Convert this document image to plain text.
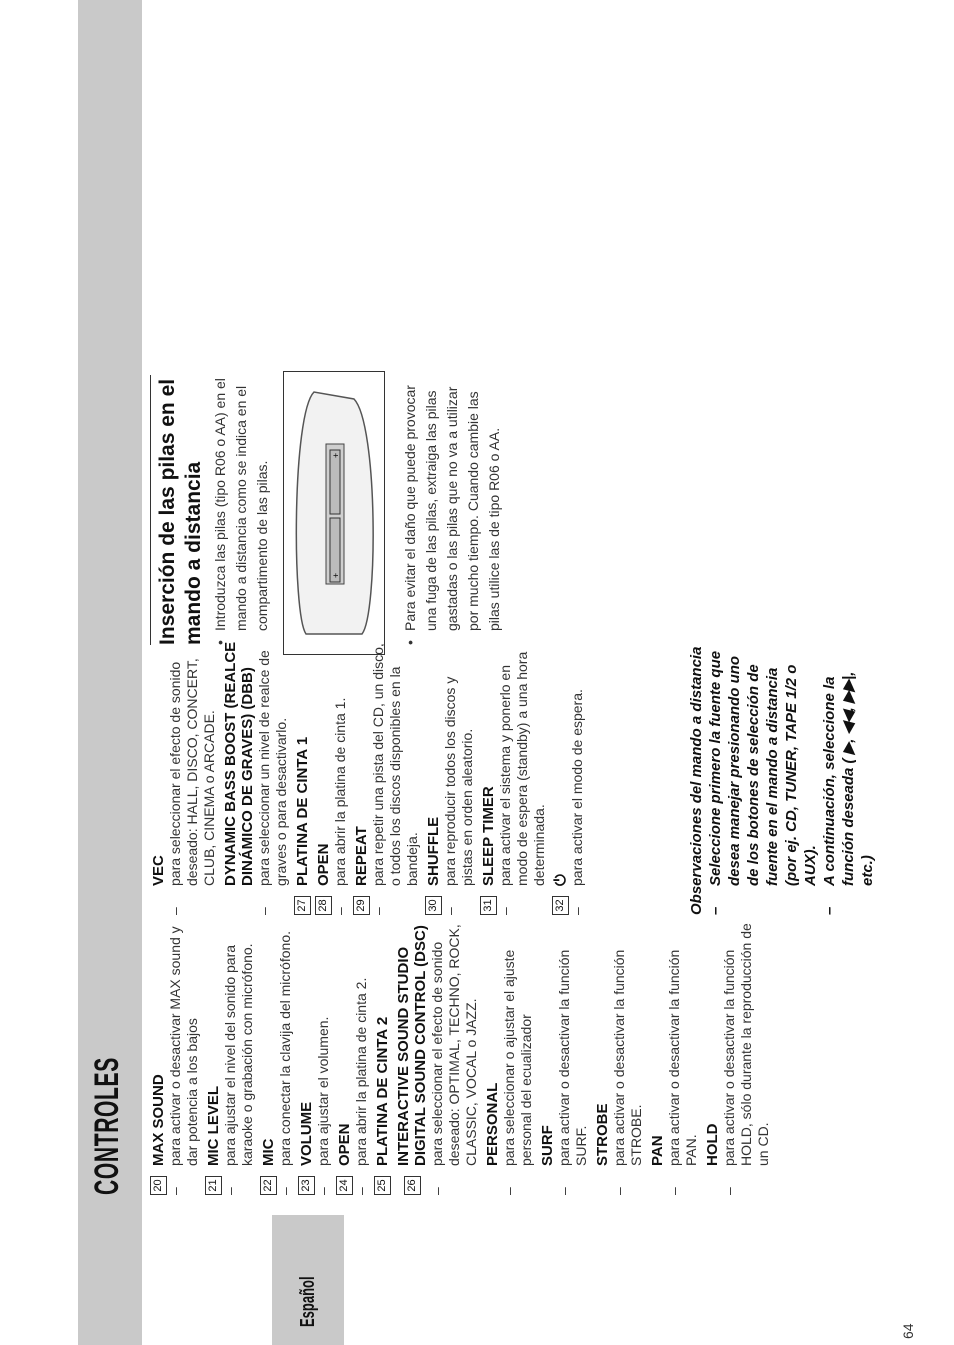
CONTROLES
Español
20
MAX SOUND
–
para activar o desactivar MAX sound y dar potencia a los bajos
21
MIC LEVEL
–
para ajustar el nivel del sonido para karaoke o grabación con micrófono.
22
MIC
–
para conectar la clavija del micrófono.
23
VOLUME
–
para ajustar el volumen.
24
OPEN
–
para abrir la platina de cinta 2.
25
PLATINA DE CINTA 2
26
INTERACTIVE SOUND STUDIO DIGITAL SOUND CONTROL (DSC)
–
para seleccionar el efecto de sonido deseado: OPTIMAL, TECHNO, ROCK, CLASSIC, VOCAL o JAZZ. PERSONAL
–
para seleccionar o ajustar el ajuste personal del ecualizador SURF
–
para activar o desactivar la función SURF. STROBE
–
para activar o desactivar la función STROBE. PAN
–
para activar o desactivar la función PAN. HOLD
–
para activar o desactivar la función HOLD, sólo durante la reproducción de un CD.
VEC
–
para seleccionar el efecto de sonido deseado: HALL, DISCO, CONCERT, CLUB, CINEMA o ARCADE. DYNAMIC BASS BOOST (REALCE DINÁMICO DE GRAVES) (DBB)
–
para seleccionar un nivel de realce de graves o para desactivarlo.
27
PLATINA DE CINTA 1
28
OPEN
–
para abrir la platina de cinta 1.
29
REPEAT
–
para repetir una pista del CD, un disco, o todos los discos disponibles en la bandeja.
30
SHUFFLE
–
para reproducir todos los discos y pistas en orden aleatorio.
31
SLEEP TIMER
–
para activar el sistema y ponerlo en modo de espera (standby) a una hora determinada.
32
⏻
–
para activar el modo de espera.	Observaciones del mando a distancia –
Seleccione primero la fuente que desea manejar presionando uno de los botones de selección de fuente en el mando a distancia (por ej. CD, TUNER, TAPE 1/2 o AUX).
–
A continuación, seleccione la función deseada ( ▶, ◀◀, ▶▶|, etc.)
Inserción de las pilas en el mando a distancia •
Introduzca las pilas (tipo R06 o AA) en el mando a distancia como se indica en el compartimento de las pilas.	+
+
•
Para evitar el daño que puede provocar una fuga de las pilas, extraiga las pilas gastadas o las pilas que no va a utilizar por mucho tiempo. Cuando cambie las pilas utilice las de tipo R06 o AA.
64
